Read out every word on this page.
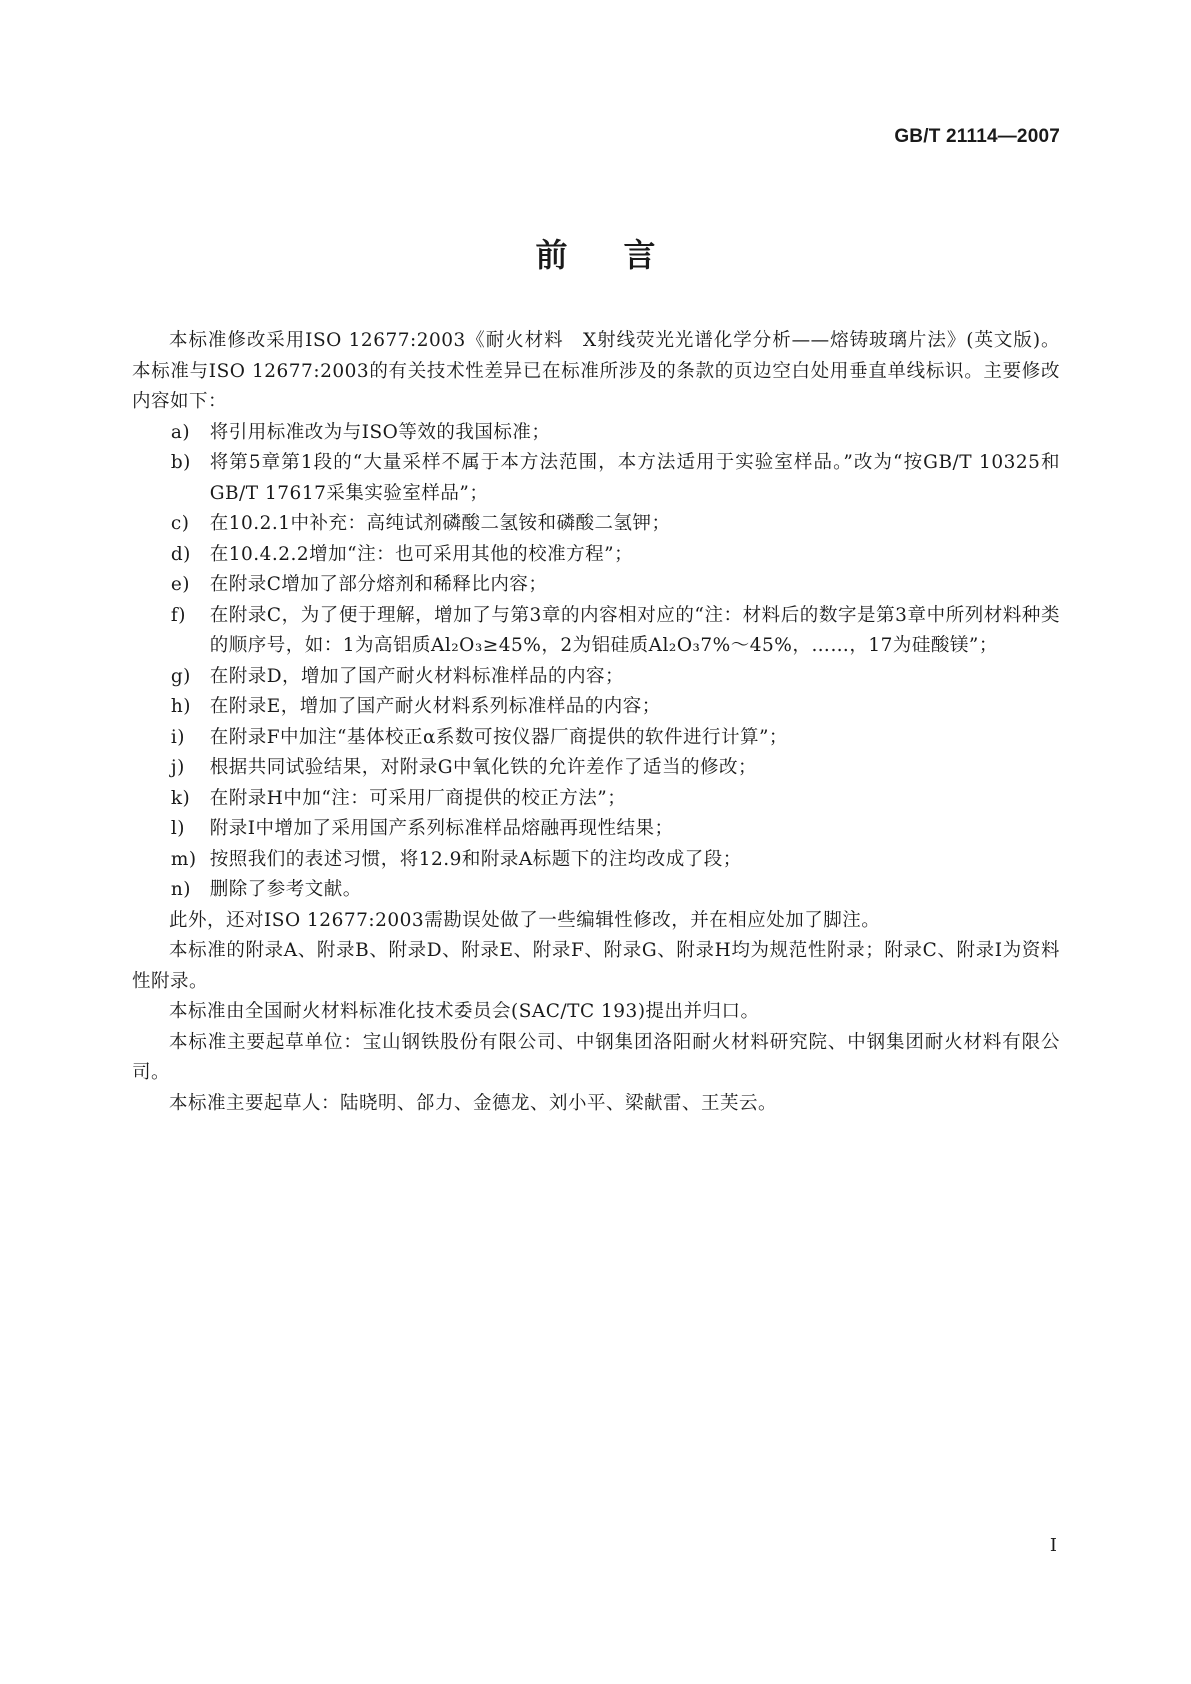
GB/T 21114—2007
前言

本标准修改采用ISO 12677:2003《耐火材料　X射线荧光光谱化学分析——熔铸玻璃片法》(英文版)。本标准与ISO 12677:2003的有关技术性差异已在标准所涉及的条款的页边空白处用垂直单线标识。主要修改内容如下：

a)	将引用标准改为与ISO等效的我国标准；
b)	将第5章第1段的“大量采样不属于本方法范围，本方法适用于实验室样品。”改为“按GB/T 10325和GB/T 17617采集实验室样品”；
c)	在10.2.1中补充：高纯试剂磷酸二氢铵和磷酸二氢钾；
d)	在10.4.2.2增加“注：也可采用其他的校准方程”；
e)	在附录C增加了部分熔剂和稀释比内容；
f)	在附录C，为了便于理解，增加了与第3章的内容相对应的“注：材料后的数字是第3章中所列材料种类的顺序号，如：1为高铝质Al₂O₃≥45%，2为铝硅质Al₂O₃7%～45%，……，17为硅酸镁”；
g)	在附录D，增加了国产耐火材料标准样品的内容；
h)	在附录E，增加了国产耐火材料系列标准样品的内容；
i)	在附录F中加注“基体校正α系数可按仪器厂商提供的软件进行计算”；
j)	根据共同试验结果，对附录G中氧化铁的允许差作了适当的修改；
k)	在附录H中加“注：可采用厂商提供的校正方法”；
l)	附录I中增加了采用国产系列标准样品熔融再现性结果；
m) 按照我们的表述习惯，将12.9和附录A标题下的注均改成了段；
n)	删除了参考文献。

此外，还对ISO 12677:2003需勘误处做了一些编辑性修改，并在相应处加了脚注。

本标准的附录A、附录B、附录D、附录E、附录F、附录G、附录H均为规范性附录；附录C、附录I为资料性附录。

本标准由全国耐火材料标准化技术委员会(SAC/TC 193)提出并归口。

本标准主要起草单位：宝山钢铁股份有限公司、中钢集团洛阳耐火材料研究院、中钢集团耐火材料有限公司。

本标准主要起草人：陆晓明、郃力、金德龙、刘小平、梁献雷、王芙云。

I
